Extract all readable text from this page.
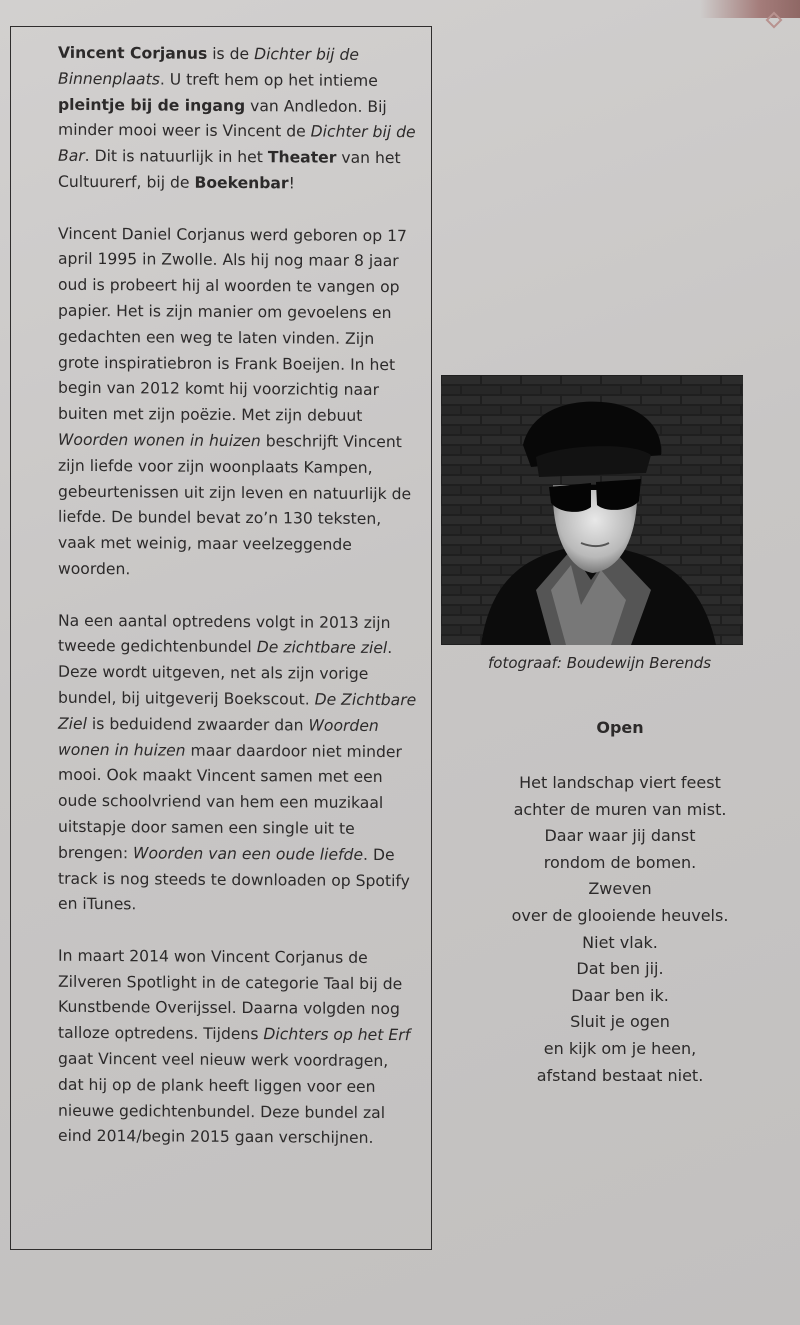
Vincent Corjanus is de Dichter bij de Binnenplaats. U treft hem op het intieme pleintje bij de ingang van Andledon. Bij minder mooi weer is Vincent de Dichter bij de Bar. Dit is natuurlijk in het Theater van het Cultuurerf, bij de Boekenbar!

Vincent Daniel Corjanus werd geboren op 17 april 1995 in Zwolle. Als hij nog maar 8 jaar oud is probeert hij al woorden te vangen op papier. Het is zijn manier om gevoelens en gedachten een weg te laten vinden. Zijn grote inspiratiebron is Frank Boeijen. In het begin van 2012 komt hij voorzichtig naar buiten met zijn poëzie. Met zijn debuut Woorden wonen in huizen beschrijft Vincent zijn liefde voor zijn woonplaats Kampen, gebeurtenissen uit zijn leven en natuurlijk de liefde. De bundel bevat zo’n 130 teksten, vaak met weinig, maar veelzeggende woorden.

Na een aantal optredens volgt in 2013 zijn tweede gedichtenbundel De zichtbare ziel. Deze wordt uitgeven, net als zijn vorige bundel, bij uitgeverij Boekscout. De Zichtbare Ziel is beduidend zwaarder dan Woorden wonen in huizen maar daardoor niet minder mooi. Ook maakt Vincent samen met een oude schoolvriend van hem een muzikaal uitstapje door samen een single uit te brengen: Woorden van een oude liefde. De track is nog steeds te downloaden op Spotify en iTunes.

In maart 2014 won Vincent Corjanus de Zilveren Spotlight in de categorie Taal bij de Kunstbende Overijssel. Daarna volgden nog talloze optredens. Tijdens Dichters op het Erf gaat Vincent veel nieuw werk voordragen, dat hij op de plank heeft liggen voor een nieuwe gedichtenbundel. Deze bundel zal eind 2014/begin 2015 gaan verschijnen.

fotograaf: Boudewijn Berends
Open
Het landschap viert feest
achter de muren van mist.
Daar waar jij danst
rondom de bomen.
Zweven
over de glooiende heuvels.
Niet vlak.
Dat ben jij.
Daar ben ik.
Sluit je ogen
en kijk om je heen,
afstand bestaat niet.
